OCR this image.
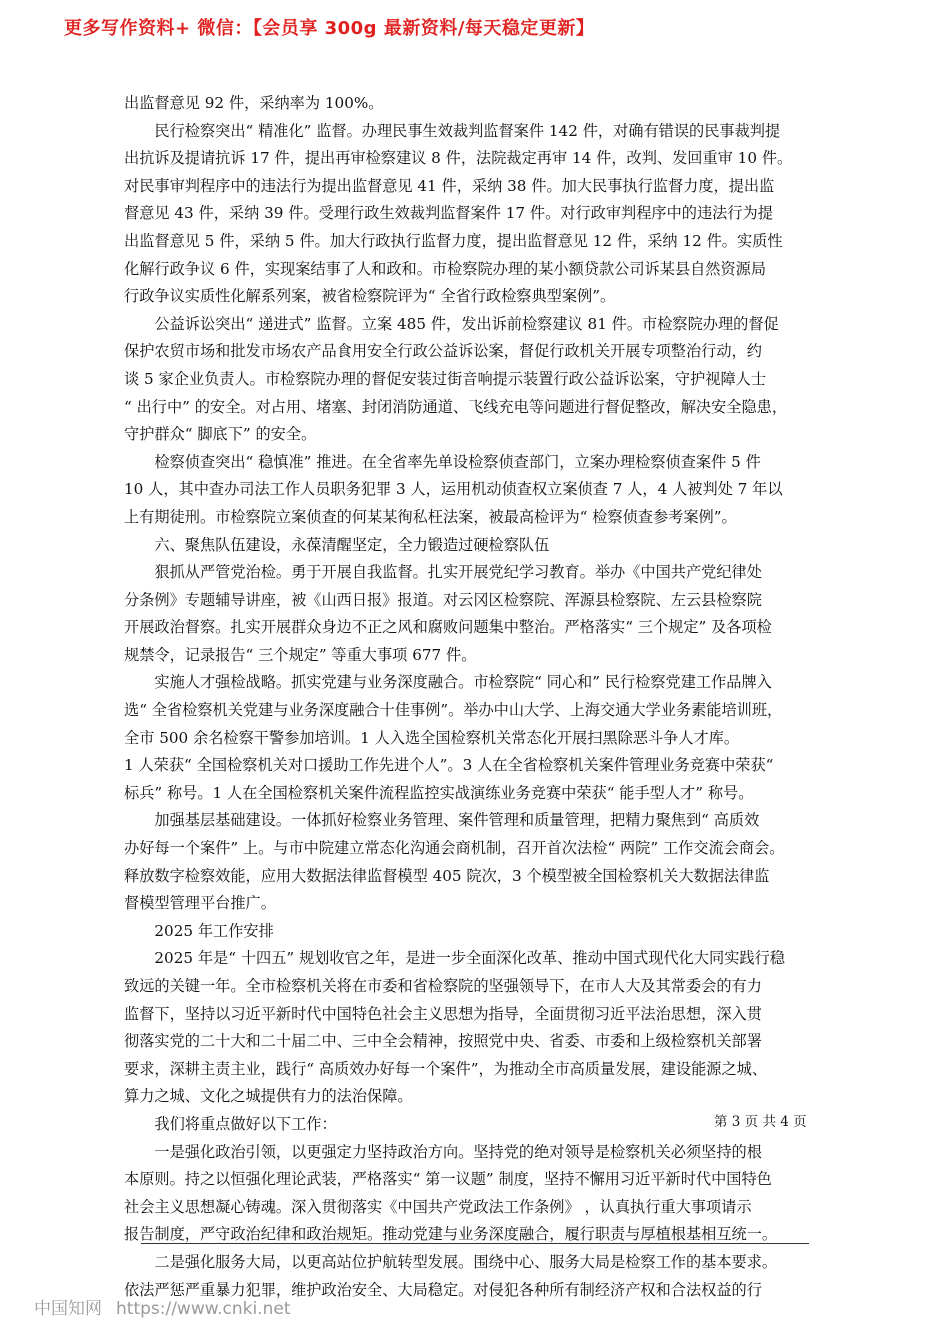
更多写作资料+ 微信：【会员享 300g 最新资料/每天稳定更新】
出监督意见 92 件，采纳率为 100%。
　　民行检察突出“ 精准化” 监督。办理民事生效裁判监督案件 142 件，对确有错误的民事裁判提
出抗诉及提请抗诉 17 件，提出再审检察建议 8 件，法院裁定再审 14 件，改判、发回重审 10 件。
对民事审判程序中的违法行为提出监督意见 41 件，采纳 38 件。加大民事执行监督力度，提出监
督意见 43 件，采纳 39 件。受理行政生效裁判监督案件 17 件。对行政审判程序中的违法行为提
出监督意见 5 件，采纳 5 件。加大行政执行监督力度，提出监督意见 12 件，采纳 12 件。实质性
化解行政争议 6 件，实现案结事了人和政和。市检察院办理的某小额贷款公司诉某县自然资源局
行政争议实质性化解系列案，被省检察院评为“ 全省行政检察典型案例”。
　　公益诉讼突出“ 递进式” 监督。立案 485 件，发出诉前检察建议 81 件。市检察院办理的督促
保护农贸市场和批发市场农产品食用安全行政公益诉讼案，督促行政机关开展专项整治行动，约
谈 5 家企业负责人。市检察院办理的督促安装过街音响提示装置行政公益诉讼案，守护视障人士
“ 出行中” 的安全。对占用、堵塞、封闭消防通道、飞线充电等问题进行督促整改，解决安全隐患，
守护群众“ 脚底下” 的安全。
　　检察侦查突出“ 稳慎准” 推进。在全省率先单设检察侦查部门，立案办理检察侦查案件 5 件
10 人，其中查办司法工作人员职务犯罪 3 人，运用机动侦查权立案侦查 7 人，4 人被判处 7 年以
上有期徒刑。市检察院立案侦查的何某某徇私枉法案，被最高检评为“ 检察侦查参考案例”。
　　六、聚焦队伍建设，永葆清醒坚定，全力锻造过硬检察队伍
　　狠抓从严管党治检。勇于开展自我监督。扎实开展党纪学习教育。举办《中国共产党纪律处
分条例》专题辅导讲座，被《山西日报》报道。对云冈区检察院、浑源县检察院、左云县检察院
开展政治督察。扎实开展群众身边不正之风和腐败问题集中整治。严格落实“ 三个规定” 及各项检
规禁令，记录报告“ 三个规定” 等重大事项 677 件。
　　实施人才强检战略。抓实党建与业务深度融合。市检察院“ 同心和” 民行检察党建工作品牌入
选“ 全省检察机关党建与业务深度融合十佳事例”。举办中山大学、上海交通大学业务素能培训班，
全市 500 余名检察干警参加培训。1 人入选全国检察机关常态化开展扫黑除恶斗争人才库。
1 人荣获“ 全国检察机关对口援助工作先进个人”。3 人在全省检察机关案件管理业务竞赛中荣获“
标兵” 称号。1 人在全国检察机关案件流程监控实战演练业务竞赛中荣获“ 能手型人才” 称号。
　　加强基层基础建设。一体抓好检察业务管理、案件管理和质量管理，把精力聚焦到“ 高质效
办好每一个案件” 上。与市中院建立常态化沟通会商机制，召开首次法检“ 两院” 工作交流会商会。
释放数字检察效能，应用大数据法律监督模型 405 院次，3 个模型被全国检察机关大数据法律监
督模型管理平台推广。
　　2025 年工作安排
　　2025 年是“ 十四五” 规划收官之年，是进一步全面深化改革、推动中国式现代化大同实践行稳
致远的关键一年。全市检察机关将在市委和省检察院的坚强领导下，在市人大及其常委会的有力
监督下，坚持以习近平新时代中国特色社会主义思想为指导，全面贯彻习近平法治思想，深入贯
彻落实党的二十大和二十届二中、三中全会精神，按照党中央、省委、市委和上级检察机关部署
要求，深耕主责主业，践行“ 高质效办好每一个案件”，为推动全市高质量发展，建设能源之城、
算力之城、文化之城提供有力的法治保障。
　　我们将重点做好以下工作：
　　一是强化政治引领，以更强定力坚持政治方向。坚持党的绝对领导是检察机关必须坚持的根
本原则。持之以恒强化理论武装，严格落实“ 第一议题” 制度，坚持不懈用习近平新时代中国特色
社会主义思想凝心铸魂。深入贯彻落实《中国共产党政法工作条例》 ，认真执行重大事项请示
报告制度，严守政治纪律和政治规矩。推动党建与业务深度融合，履行职责与厚植根基相互统一。
　　二是强化服务大局，以更高站位护航转型发展。围绕中心、服务大局是检察工作的基本要求。
依法严惩严重暴力犯罪，维护政治安全、大局稳定。对侵犯各种所有制经济产权和合法权益的行
第 3 页 共 4 页
中国知网 https://www.cnki.net
